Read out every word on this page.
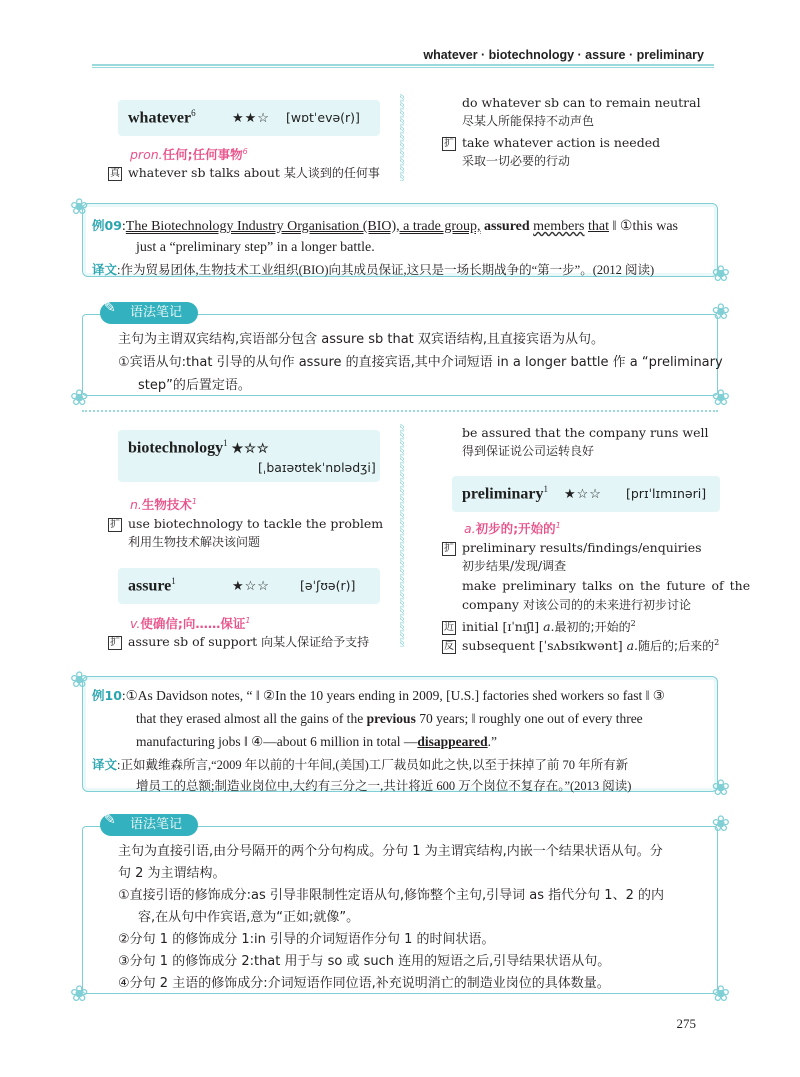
whatever · biotechnology · assure · preliminary
whatever$^6$	★★☆ [wɒtˈevə(r)]
pron.任何;任何事物$^6$
真 whatever sb talks about 某人谈到的任何事
§
§
§
§
§
§
§
§
§
§
§
do whatever sb can to remain neutral
尽某人所能保持不动声色
扩 take whatever action is needed
采取一切必要的行动
❀
❀
例09:The Biotechnology Industry Organisation (BIO), a trade group, assured members that ‖ ①this was
just a “preliminary step” in a longer battle.
译文:作为贸易团体,生物技术工业组织(BIO)向其成员保证,这只是一场长期战争的“第一步”。(2012 阅读)
语法笔记
✎
主句为主谓双宾结构,宾语部分包含 assure sb that 双宾语结构,且直接宾语为从句。
①宾语从句:that 引导的从句作 assure 的直接宾语,其中介词短语 in a longer battle 作 a “preliminary
step”的后置定语。
❀
❀	❀
biotechnology$^1$ ★☆☆
[ˌbaɪəʊtekˈnɒlədʒi]
n.生物技术$^1$
扩 use biotechnology to tackle the problem
利用生物技术解决该问题
assure$^1$	★☆☆ [əˈʃʊə(r)]
v.使确信;向……保证$^1$
扩 assure sb of support 向某人保证给予支持
§
§
§
§
§
§
§
§
§
§
§
§
§
§
§
§
§
§
§
§
§
§
§
§
§
§
§
§
be assured that the company runs well
得到保证说公司运转良好
preliminary$^1$ ★☆☆ [prɪˈlɪmɪnəri]
a.初步的;开始的$^1$
扩 preliminary results/findings/enquiries
初步结果/发现/调查
make preliminary talks on the future of the
company 对该公司的的未来进行初步讨论
近 initial [ɪˈnɪʃl] a.最初的;开始的$^2$
反 subsequent [ˈsʌbsɪkwənt] a.随后的;后来的$^2$
❀
❀
例10:①As Davidson notes, “ ‖ ②In the 10 years ending in 2009, [U.S.] factories shed workers so fast ‖ ③
that they erased almost all the gains of the previous 70 years; ‖ roughly one out of every three
manufacturing jobs ‖ ④—about 6 million in total —disappeared.”
译文:正如戴维森所言,“2009 年以前的十年间,(美国)工厂裁员如此之快,以至于抹掉了前 70 年所有新
增员工的总额;制造业岗位中,大约有三分之一,共计将近 600 万个岗位不复存在。”(2013 阅读)
语法笔记
✎
主句为直接引语,由分号隔开的两个分句构成。分句 1 为主谓宾结构,内嵌一个结果状语从句。分
句 2 为主谓结构。
①直接引语的修饰成分:as 引导非限制性定语从句,修饰整个主句,引导词 as 指代分句 1、2 的内
容,在从句中作宾语,意为“正如;就像”。
②分句 1 的修饰成分 1:in 引导的介词短语作分句 1 的时间状语。
③分句 1 的修饰成分 2:that 用于与 so 或 such 连用的短语之后,引导结果状语从句。
④分句 2 主语的修饰成分:介词短语作同位语,补充说明消亡的制造业岗位的具体数量。
❀
❀	❀
275
